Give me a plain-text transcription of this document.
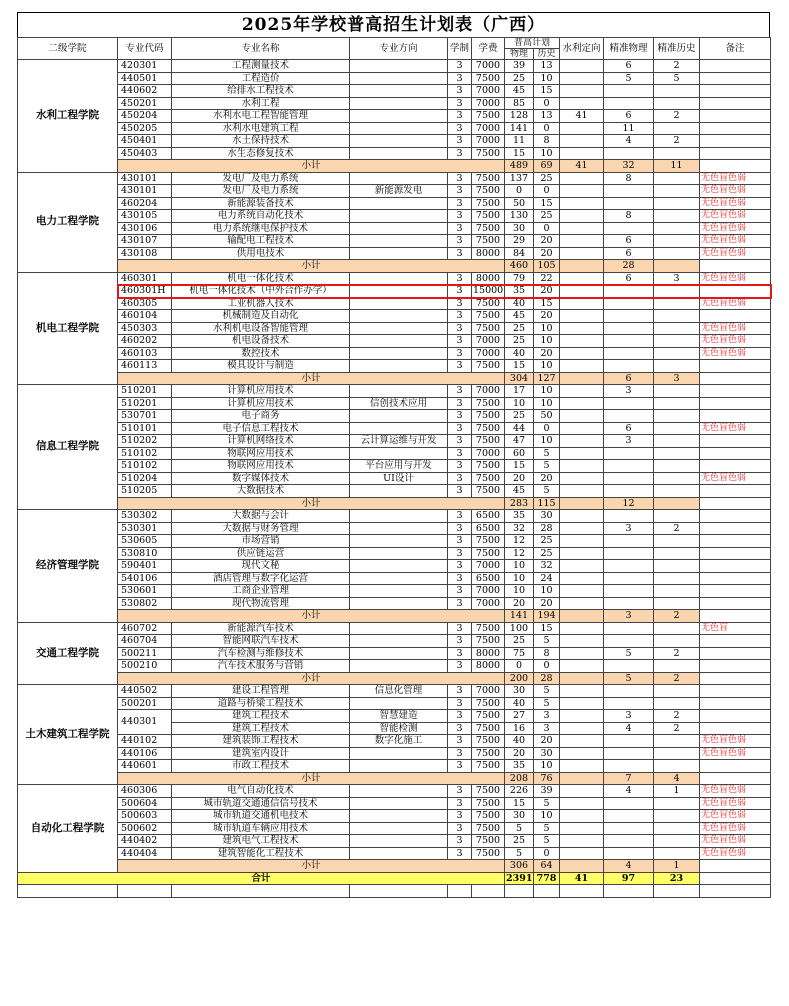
2025年学校普高招生计划表（广西）
二级学院	专业代码	专业名称	专业方向	学制	学费	普高计划		水利定向	精准物理	精准历史	备注
						物理	历史				
水利工程学院	420301	工程测量技术		3	7000	39	13		6	2	
	440501	工程造价		3	7500	25	10		5	5	
	440602	给排水工程技术		3	7000	45	15				
	450201	水利工程		3	7000	85	0				
	450204	水利水电工程智能管理		3	7500	128	13	41	6	2	
	450205	水利水电建筑工程		3	7000	141	0		11		
	450401	水土保持技术		3	7000	11	8		4	2	
	450403	水生态修复技术		3	7500	15	10				
	小计					489	69	41	32	11	
电力工程学院	430101	发电厂及电力系统		3	7500	137	25		8		无色盲色弱
	430101	发电厂及电力系统	新能源发电	3	7500	0	0				无色盲色弱
	460204	新能源装备技术		3	7500	50	15				无色盲色弱
	430105	电力系统自动化技术		3	7500	130	25		8		无色盲色弱
	430106	电力系统继电保护技术		3	7500	30	0				无色盲色弱
	430107	输配电工程技术		3	7500	29	20		6		无色盲色弱
	430108	供用电技术		3	8000	84	20		6		无色盲色弱
	小计					460	105		28		
机电工程学院	460301	机电一体化技术		3	8000	79	22		6	3	无色盲色弱
	460301H	机电一体化技术（中外合作办学）		3	15000	35	20				
	460305	工业机器人技术		3	7500	40	15				无色盲色弱
	460104	机械制造及自动化		3	7500	45	20				
	450303	水利机电设备智能管理		3	7500	25	10				无色盲色弱
	460202	机电设备技术		3	7000	25	10				无色盲色弱
	460103	数控技术		3	7000	40	20				无色盲色弱
	460113	模具设计与制造		3	7500	15	10				
	小计					304	127		6	3	
信息工程学院	510201	计算机应用技术		3	7000	17	10		3		
	510201	计算机应用技术	信创技术应用	3	7500	10	10				
	530701	电子商务		3	7500	25	50				
	510101	电子信息工程技术		3	7500	44	0		6		无色盲色弱
	510202	计算机网络技术	云计算运维与开发	3	7500	47	10		3		
	510102	物联网应用技术		3	7000	60	5				
	510102	物联网应用技术	平台应用与开发	3	7500	15	5				
	510204	数字媒体技术	UI设计	3	7500	20	20				无色盲色弱
	510205	大数据技术		3	7500	45	5				
	小计					283	115		12		
经济管理学院	530302	大数据与会计		3	6500	35	30				
	530301	大数据与财务管理		3	6500	32	28		3	2	
	530605	市场营销		3	7500	12	25				
	530810	供应链运营		3	7500	12	25				
	590401	现代文秘		3	7000	10	32				
	540106	酒店管理与数字化运营		3	6500	10	24				
	530601	工商企业管理		3	7000	10	10				
	530802	现代物流管理		3	7000	20	20				
	小计					141	194		3	2	
交通工程学院	460702	新能源汽车技术		3	7500	100	15				无色盲
	460704	智能网联汽车技术		3	7500	25	5				
	500211	汽车检测与维修技术		3	8000	75	8		5	2	
	500210	汽车技术服务与营销		3	8000	0	0				
	小计					200	28		5	2	
土木建筑工程学院	440502	建设工程管理	信息化管理	3	7000	30	5				
	500201	道路与桥梁工程技术		3	7500	40	5				
	440301	建筑工程技术	智慧建造	3	7500	27	3		3	2	
		建筑工程技术	智能检测	3	7500	16	3		4	2	
	440102	建筑装饰工程技术	数字化施工	3	7500	40	20				无色盲色弱
	440106	建筑室内设计		3	7500	20	30				无色盲色弱
	440601	市政工程技术		3	7500	35	10				
	小计					208	76		7	4	
自动化工程学院	460306	电气自动化技术		3	7500	226	39		4	1	无色盲色弱
	500604	城市轨道交通通信信号技术		3	7500	15	5				无色盲色弱
	500603	城市轨道交通机电技术		3	7500	30	10				无色盲色弱
	500602	城市轨道车辆应用技术		3	7500	5	5				无色盲色弱
	440402	建筑电气工程技术		3	7500	25	5				无色盲色弱
	440404	建筑智能化工程技术		3	7500	5	0				无色盲色弱
	小计					306	64		4	1	
合计						2391	778	41	97	23	
